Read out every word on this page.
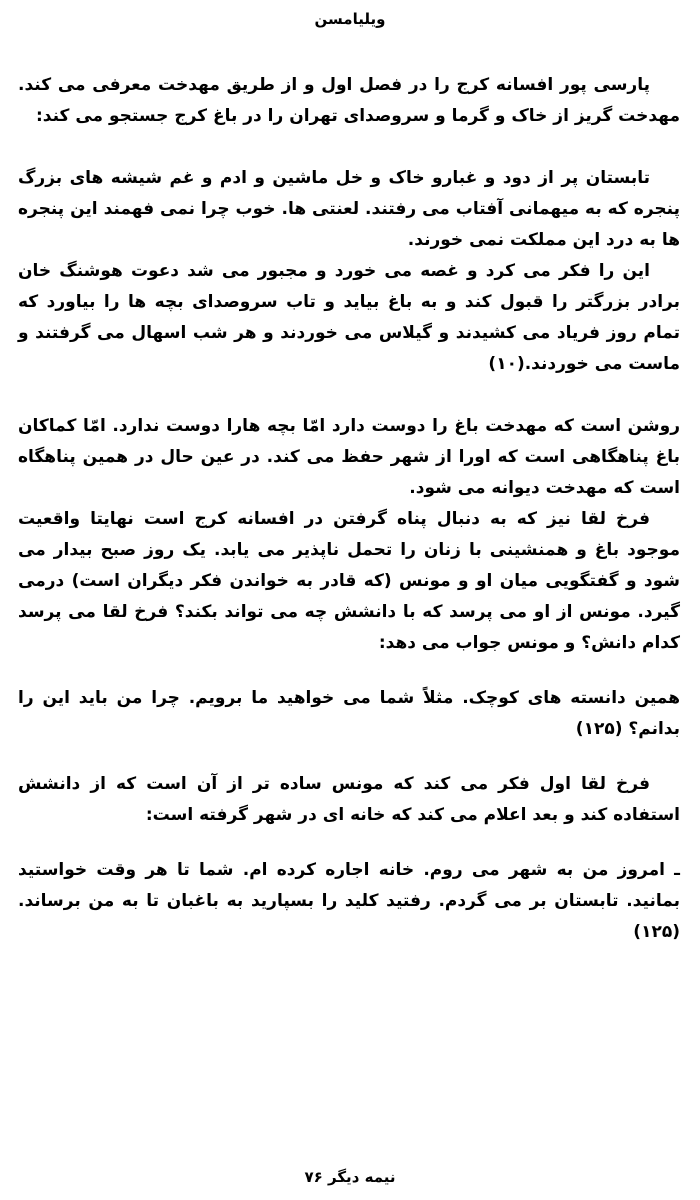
ویلیامسن

پارسی پور افسانه کرج را در فصل اول و از طریق مهدخت معرفی می کند. مهدخت گریز از خاک و گرما و سروصدای تهران را در باغ کرج جستجو می کند:

تابستان پر از دود و غبارو خاک و خل ماشین و ادم و غم شیشه های بزرگ پنجره که به میهمانی آفتاب می رفتند. لعنتی ها. خوب چرا نمی فهمند این پنجره ها به درد این مملکت نمی خورند.

این را فکر می کرد و غصه می خورد و مجبور می شد دعوت هوشنگ خان برادر بزرگتر را قبول کند و به باغ بیاید و تاب سروصدای بچه ها را بیاورد که تمام روز فریاد می کشیدند و گیلاس می خوردند و هر شب اسهال می گرفتند و ماست می خوردند.(۱۰)

روشن است که مهدخت باغ را دوست دارد امّا بچه هارا دوست ندارد. امّا کماکان باغ پناهگاهی است که اورا از شهر حفظ می کند. در عین حال در همین پناهگاه است که مهدخت دیوانه می شود.

فرخ لقا نیز که به دنبال پناه گرفتن در افسانه کرج است نهایتا واقعیت موجود باغ و همنشینی با زنان را تحمل ناپذیر می یابد. یک روز صبح بیدار می شود و گفتگویی میان او و مونس (که قادر به خواندن فکر دیگران است) درمی گیرد. مونس از او می پرسد که با دانشش چه می تواند بکند؟ فرخ لقا می پرسد کدام دانش؟ و مونس جواب می دهد:

همین دانسته های کوچک. مثلاً شما می خواهید ما برویم. چرا من باید این را بدانم؟ (۱۲۵)

فرخ لقا اول فکر می کند که مونس ساده تر از آن است که از دانشش استفاده کند و بعد اعلام می کند که خانه ای در شهر گرفته است:

ـ امروز من به شهر می روم. خانه اجاره کرده ام. شما تا هر وقت خواستید بمانید. تابستان بر می گردم. رفتید کلید را بسپارید به باغبان تا به من برساند.(۱۲۵)

نیمه دیگر ۷۶
